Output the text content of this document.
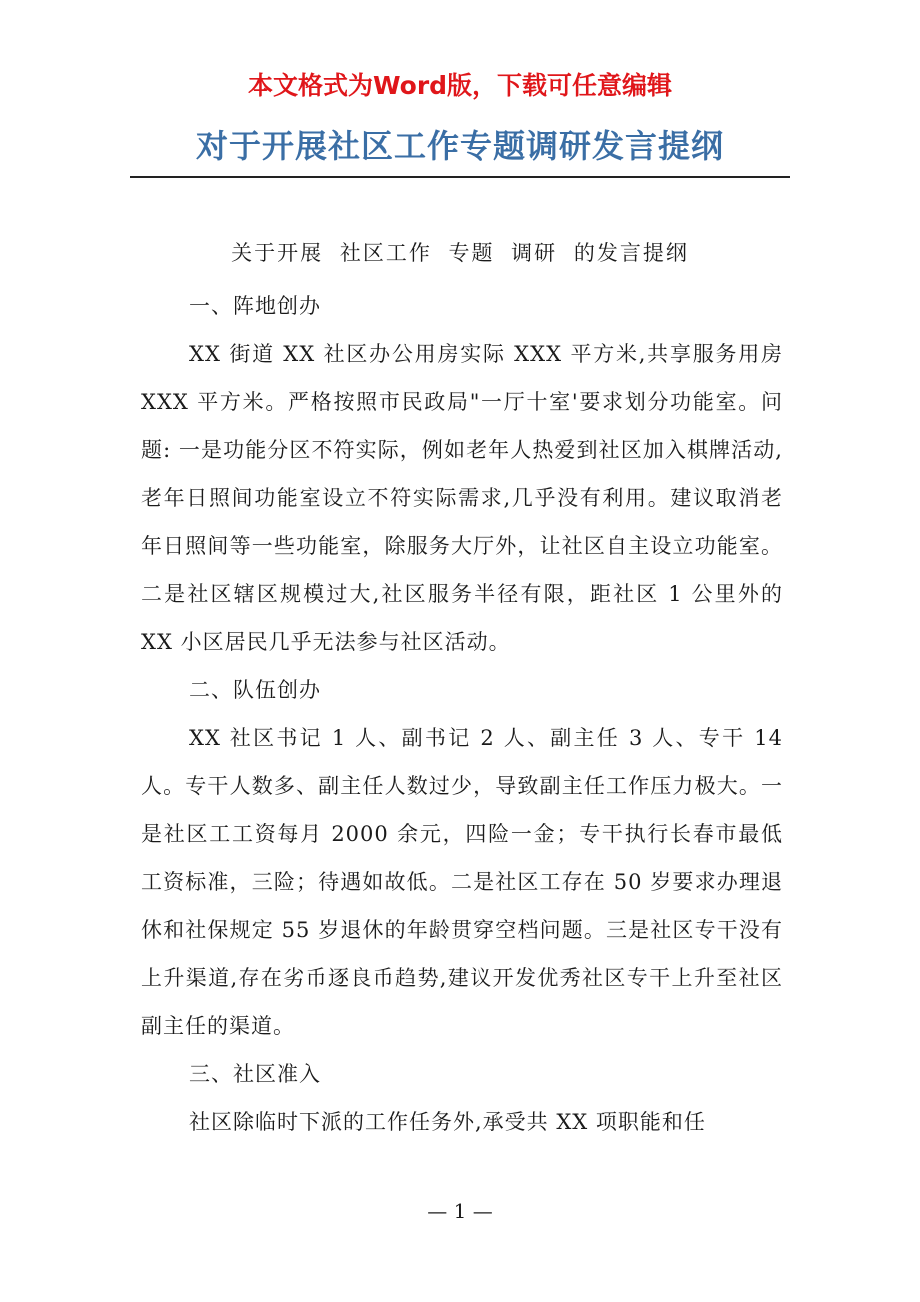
本文格式为Word版，下载可任意编辑
对于开展社区工作专题调研发言提纲
关于开展 社区工作 专题 调研 的发言提纲
一、阵地创办

XX 街道 XX 社区办公用房实际 XXX 平方米,共享服务用房 XXX 平方米。严格按照市民政局"一厅十室'要求划分功能室。问题: 一是功能分区不符实际，例如老年人热爱到社区加入棋牌活动,老年日照间功能室设立不符实际需求,几乎没有利用。建议取消老年日照间等一些功能室，除服务大厅外，让社区自主设立功能室。二是社区辖区规模过大,社区服务半径有限，距社区 1 公里外的 XX 小区居民几乎无法参与社区活动。

二、队伍创办

XX 社区书记 1 人、副书记 2 人、副主任 3 人、专干 14 人。专干人数多、副主任人数过少，导致副主任工作压力极大。一是社区工工资每月 2000 余元，四险一金；专干执行长春市最低工资标准，三险；待遇如故低。二是社区工存在 50 岁要求办理退休和社保规定 55 岁退休的年龄贯穿空档问题。三是社区专干没有上升渠道,存在劣币逐良币趋势,建议开发优秀社区专干上升至社区副主任的渠道。

三、社区准入

社区除临时下派的工作任务外,承受共 XX 项职能和任

— 1 —
